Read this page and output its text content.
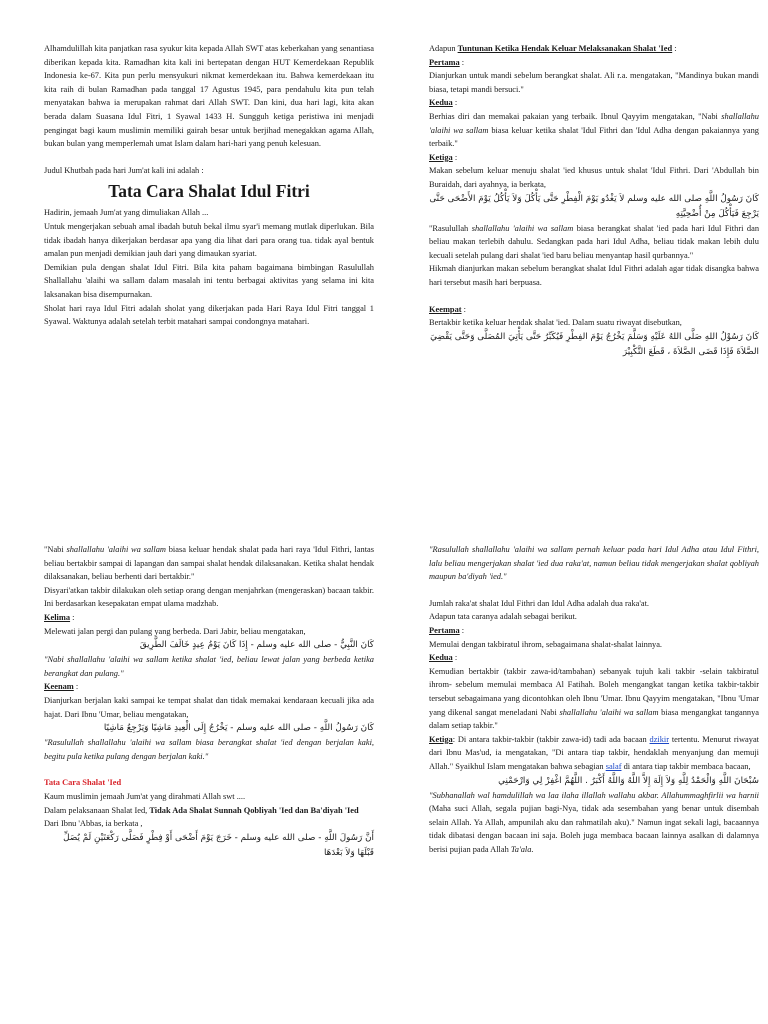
Alhamdulillah kita panjatkan rasa syukur kita kepada Allah SWT atas keberkahan yang senantiasa diberikan kepada kita. Ramadhan kita kali ini bertepatan dengan HUT Kemerdekaan Republik Indonesia ke-67. Kita pun perlu mensyukuri nikmat kemerdekaan itu. Bahwa kemerdekaan itu kita raih di bulan Ramadhan pada tanggal 17 Agustus 1945, para pendahulu kita pun telah menyatakan bahwa ia merupakan rahmat dari Allah SWT. Dan kini, dua hari lagi, kita akan berada dalam Suasana Idul Fitri, 1 Syawal 1433 H. Sungguh ketiga peristiwa ini menjadi pengingat bagi kaum muslimin memiliki gairah besar untuk berjihad menegakkan agama Allah, bukan bulan yang memperlemah umat Islam dalam hari-hari yang penuh kelesuan.

Judul Khutbah pada hari Jum'at kali ini adalah :

Tata Cara Shalat Idul Fitri

Hadirin, jemaah Jum'at yang dimuliakan Allah ...

Untuk mengerjakan sebuah amal ibadah butuh bekal ilmu syar'i memang mutlak diperlukan. Bila tidak ibadah hanya dikerjakan berdasar apa yang dia lihat dari para orang tua. tidak ayal bentuk amalan pun menjadi demikian jauh dari yang dimaukan syariat.

Demikian pula dengan shalat Idul Fitri. Bila kita paham bagaimana bimbingan Rasulullah Shallallahu 'alaihi wa sallam dalam masalah ini tentu berbagai aktivitas yang selama ini kita laksanakan bisa disempurnakan.

Sholat hari raya Idul Fitri adalah sholat yang dikerjakan pada Hari Raya Idul Fitri tanggal 1 Syawal. Waktunya adalah setelah terbit matahari sampai condongnya matahari.

Adapun Tuntunan Ketika Hendak Keluar Melaksanakan Shalat 'Ied :

Pertama :

Dianjurkan untuk mandi sebelum berangkat shalat. Ali r.a. mengatakan, "Mandinya bukan mandi biasa, tetapi mandi bersuci."

Kedua :

Berhias diri dan memakai pakaian yang terbaik. Ibnul Qayyim mengatakan, "Nabi shallallahu 'alaihi wa sallam biasa keluar ketika shalat 'Idul Fithri dan 'Idul Adha dengan pakaiannya yang terbaik."

Ketiga :

Makan sebelum keluar menuju shalat 'ied khusus untuk shalat 'Idul Fithri. Dari 'Abdullah bin Buraidah, dari ayahnya, ia berkata,

كَانَ رَسُولُ اللَّهِ صلى الله عليه وسلم لاَ يَغْدُو يَوْمَ الْفِطْرِ حَتَّى يَأْكُلَ وَلاَ يَأْكُلُ يَوْمَ الأَضْحَى حَتَّى يَرْجِعَ فَيَأْكُلَ مِنْ أُضْحِيَّتِهِ

"Rasulullah shallallahu 'alaihi wa sallam biasa berangkat shalat 'ied pada hari Idul Fithri dan beliau makan terlebih dahulu. Sedangkan pada hari Idul Adha, beliau tidak makan lebih dulu kecuali setelah pulang dari shalat 'ied baru beliau menyantap hasil qurbannya."

Hikmah dianjurkan makan sebelum berangkat shalat Idul Fithri adalah agar tidak disangka bahwa hari tersebut masih hari berpuasa.

Keempat :

Bertakbir ketika keluar hendak shalat 'ied. Dalam suatu riwayat disebutkan,

كَانَ رَسُوْلُ اللهِ صَلَّى اللهُ عَلَيْهِ وَسَلَّمَ يَخْرُجُ يَوْمَ الفِطْرِ فَيُكَبِّرُ حَتَّى يَأْتِيَ المُصَلَّى وَحَتَّى يَقْضِيَ الصَّلاَةَ فَإِذَا قَضَى الصَّلاَةَ ، قَطَعَ التَّكْبِيْرَ

"Nabi shallallahu 'alaihi wa sallam biasa keluar hendak shalat pada hari raya 'Idul Fithri, lantas beliau bertakbir sampai di lapangan dan sampai shalat hendak dilaksanakan. Ketika shalat hendak dilaksanakan, beliau berhenti dari bertakbir."

Disyari'atkan takbir dilakukan oleh setiap orang dengan menjahrkan (mengeraskan) bacaan takbir. Ini berdasarkan kesepakatan empat ulama madzhab.

Kelima :

Melewati jalan pergi dan pulang yang berbeda. Dari Jabir, beliau mengatakan,

كَانَ النَّبِيُّ - صلى الله عليه وسلم - إِذَا كَانَ يَوْمُ عِيدٍ خَالَفَ الطَّرِيقَ

"Nabi shallallahu 'alaihi wa sallam ketika shalat 'ied, beliau lewat jalan yang berbeda ketika berangkat dan pulang."

Keenam :

Dianjurkan berjalan kaki sampai ke tempat shalat dan tidak memakai kendaraan kecuali jika ada hajat. Dari Ibnu 'Umar, beliau mengatakan,

كَانَ رَسُولُ اللَّهِ - صلى الله عليه وسلم - يَخْرُجُ إِلَى الْعِيدِ مَاشِيًا وَيَرْجِعُ مَاشِيًا

"Rasulullah shallallahu 'alaihi wa sallam biasa berangkat shalat 'ied dengan berjalan kaki, begitu pula ketika pulang dengan berjalan kaki."

Tata Cara Shalat 'Ied

Kaum muslimin jemaah Jum'at yang dirahmati Allah swt ....

Dalam pelaksanaan Shalat Ied, Tidak Ada Shalat Sunnah Qobliyah 'Ied dan Ba'diyah 'Ied

Dari Ibnu 'Abbas, ia berkata ,

أَنَّ رَسُولَ اللَّهِ - صلى الله عليه وسلم - خَرَجَ يَوْمَ أَضْحَى أَوْ فِطْرٍ فَصَلَّى رَكْعَتَيْنِ لَمْ يُصَلِّ قَبْلَهَا وَلاَ بَعْدَهَا

"Rasulullah shallallahu 'alaihi wa sallam pernah keluar pada hari Idul Adha atau Idul Fithri, lalu beliau mengerjakan shalat 'ied dua raka'at, namun beliau tidak mengerjakan shalat qobliyah maupun ba'diyah 'ied."

Jumlah raka'at shalat Idul Fithri dan Idul Adha adalah dua raka'at.

Adapun tata caranya adalah sebagai berikut.

Pertama :

Memulai dengan takbiratul ihrom, sebagaimana shalat-shalat lainnya.

Kedua :

Kemudian bertakbir (takbir zawa-id/tambahan) sebanyak tujuh kali takbir -selain takbiratul ihrom- sebelum memulai membaca Al Fatihah. Boleh mengangkat tangan ketika takbir-takbir tersebut sebagaimana yang dicontohkan oleh Ibnu 'Umar. Ibnu Qayyim mengatakan, "Ibnu 'Umar yang dikenal sangat meneladani Nabi shallallahu 'alaihi wa sallam biasa mengangkat tangannya dalam setiap takbir."

Ketiga: Di antara takbir-takbir (takbir zawa-id) tadi ada bacaan dzikir tertentu. Menurut riwayat dari Ibnu Mas'ud, ia mengatakan, "Di antara tiap takbir, hendaklah menyanjung dan memuji Allah." Syaikhul Islam mengatakan bahwa sebagian salaf di antara tiap takbir membaca bacaan,

سُبْحَانَ اللَّهِ وَالْحَمْدُ لِلَّهِ وَلاَ إِلَهَ إِلاَّ اللَّهُ وَاللَّهُ أَكْبَرُ . اللَّهُمَّ اغْفِرْ لِي وَارْحَمْنِي

"Subhanallah wal hamdulillah wa laa ilaha illallah wallahu akbar. Allahummaghfirlii wa harnii (Maha suci Allah, segala pujian bagi-Nya, tidak ada sesembahan yang benar untuk disembah selain Allah. Ya Allah, ampunilah aku dan rahmatilah aku)." Namun ingat sekali lagi, bacaannya tidak dibatasi dengan bacaan ini saja. Boleh juga membaca bacaan lainnya asalkan di dalamnya berisi pujian pada Allah Ta'ala.
